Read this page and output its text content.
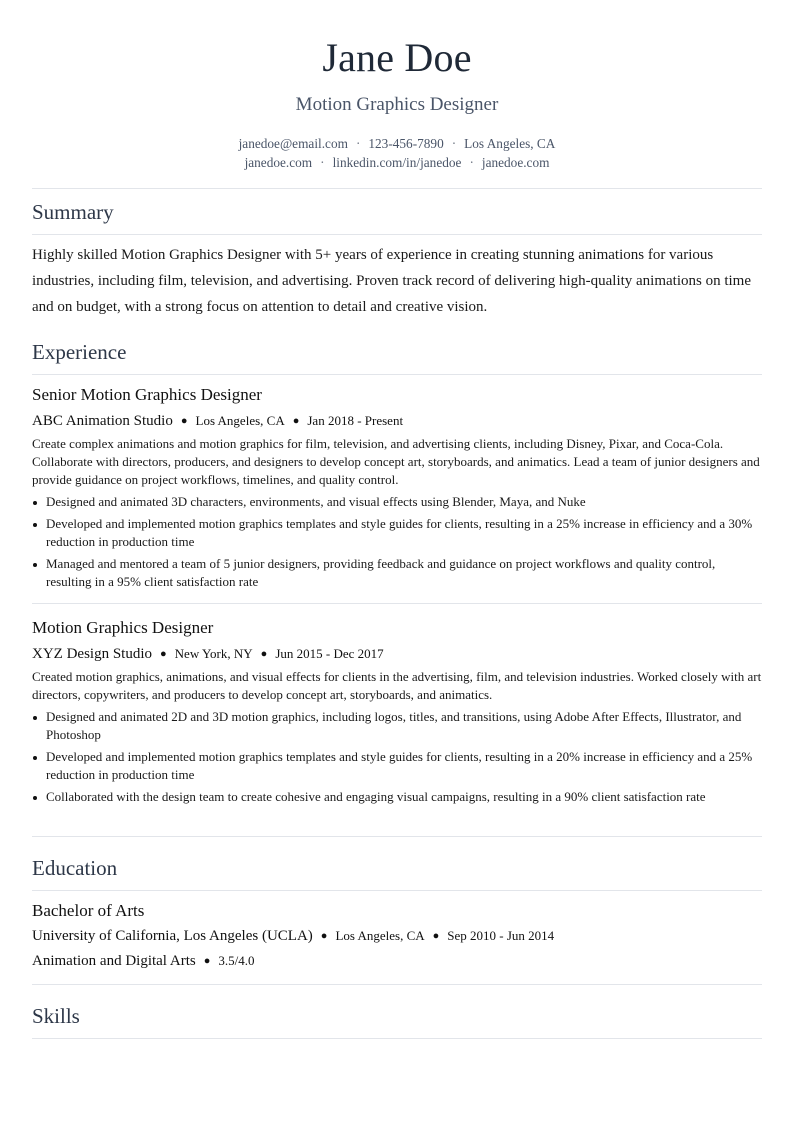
Jane Doe
Motion Graphics Designer
janedoe@email.com · 123-456-7890 · Los Angeles, CA
janedoe.com · linkedin.com/in/janedoe · janedoe.com
Summary
Highly skilled Motion Graphics Designer with 5+ years of experience in creating stunning animations for various industries, including film, television, and advertising. Proven track record of delivering high-quality animations on time and on budget, with a strong focus on attention to detail and creative vision.
Experience
Senior Motion Graphics Designer
ABC Animation Studio ● Los Angeles, CA ● Jan 2018 - Present
Create complex animations and motion graphics for film, television, and advertising clients, including Disney, Pixar, and Coca-Cola. Collaborate with directors, producers, and designers to develop concept art, storyboards, and animatics. Lead a team of junior designers and provide guidance on project workflows, timelines, and quality control.
Designed and animated 3D characters, environments, and visual effects using Blender, Maya, and Nuke
Developed and implemented motion graphics templates and style guides for clients, resulting in a 25% increase in efficiency and a 30% reduction in production time
Managed and mentored a team of 5 junior designers, providing feedback and guidance on project workflows and quality control, resulting in a 95% client satisfaction rate
Motion Graphics Designer
XYZ Design Studio ● New York, NY ● Jun 2015 - Dec 2017
Created motion graphics, animations, and visual effects for clients in the advertising, film, and television industries. Worked closely with art directors, copywriters, and producers to develop concept art, storyboards, and animatics.
Designed and animated 2D and 3D motion graphics, including logos, titles, and transitions, using Adobe After Effects, Illustrator, and Photoshop
Developed and implemented motion graphics templates and style guides for clients, resulting in a 20% increase in efficiency and a 25% reduction in production time
Collaborated with the design team to create cohesive and engaging visual campaigns, resulting in a 90% client satisfaction rate
Education
Bachelor of Arts
University of California, Los Angeles (UCLA) ● Los Angeles, CA ● Sep 2010 - Jun 2014
Animation and Digital Arts ● 3.5/4.0
Skills
